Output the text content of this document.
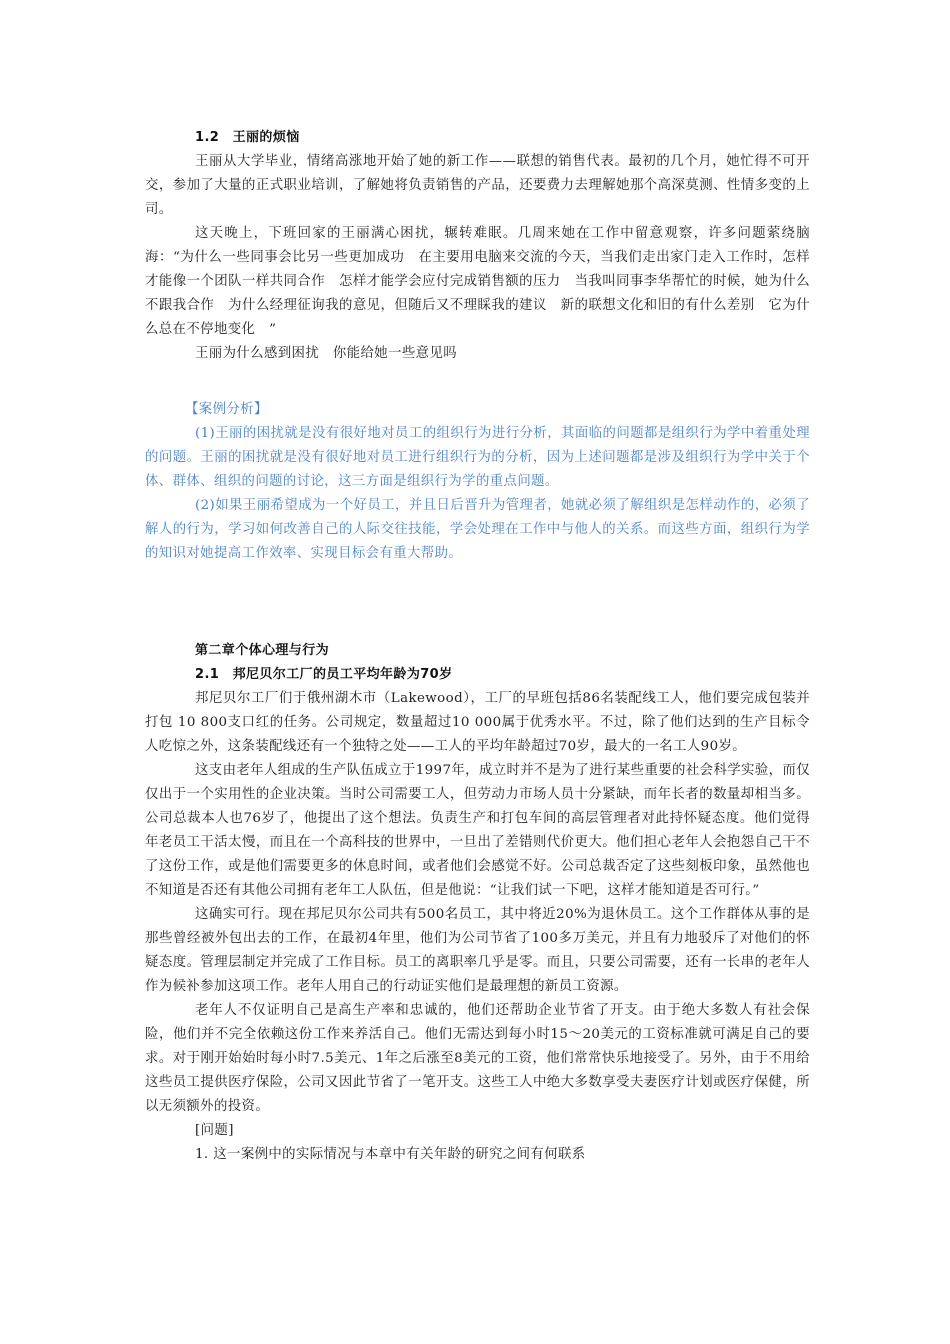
1.2　王丽的烦恼

王丽从大学毕业，情绪高涨地开始了她的新工作——联想的销售代表。最初的几个月，她忙得不可开交，参加了大量的正式职业培训，了解她将负责销售的产品，还要费力去理解她那个高深莫测、性情多变的上司。

这天晚上，下班回家的王丽满心困扰，辗转难眠。几周来她在工作中留意观察，许多问题萦绕脑海：“为什么一些同事会比另一些更加成功　在主要用电脑来交流的今天，当我们走出家门走入工作时，怎样才能像一个团队一样共同合作　怎样才能学会应付完成销售额的压力　当我叫同事李华帮忙的时候，她为什么不跟我合作　为什么经理征询我的意见，但随后又不理睬我的建议　新的联想文化和旧的有什么差别　它为什么总在不停地变化　”

王丽为什么感到困扰　你能给她一些意见吗

【案例分析】

(1)王丽的困扰就是没有很好地对员工的组织行为进行分析，其面临的问题都是组织行为学中着重处理的问题。王丽的困扰就是没有很好地对员工进行组织行为的分析，因为上述问题都是涉及组织行为学中关于个体、群体、组织的问题的讨论，这三方面是组织行为学的重点问题。

(2)如果王丽希望成为一个好员工，并且日后晋升为管理者，她就必须了解组织是怎样动作的，必须了解人的行为，学习如何改善自己的人际交往技能，学会处理在工作中与他人的关系。而这些方面，组织行为学的知识对她提高工作效率、实现目标会有重大帮助。

第二章个体心理与行为

2.1　邦尼贝尔工厂的员工平均年龄为70岁

邦尼贝尔工厂们于俄州湖木市（Lakewood），工厂的早班包括86名装配线工人，他们要完成包装并打包 10 800支口红的任务。公司规定，数量超过10 000属于优秀水平。不过，除了他们达到的生产目标令人吃惊之外，这条装配线还有一个独特之处——工人的平均年龄超过70岁，最大的一名工人90岁。

这支由老年人组成的生产队伍成立于1997年，成立时并不是为了进行某些重要的社会科学实验，而仅仅出于一个实用性的企业决策。当时公司需要工人，但劳动力市场人员十分紧缺，而年长者的数量却相当多。公司总裁本人也76岁了，他提出了这个想法。负责生产和打包车间的高层管理者对此持怀疑态度。他们觉得年老员工干活太慢，而且在一个高科技的世界中，一旦出了差错则代价更大。他们担心老年人会抱怨自己干不了这份工作，或是他们需要更多的休息时间，或者他们会感觉不好。公司总裁否定了这些刻板印象，虽然他也不知道是否还有其他公司拥有老年工人队伍，但是他说：“让我们试一下吧，这样才能知道是否可行。”

这确实可行。现在邦尼贝尔公司共有500名员工，其中将近20%为退休员工。这个工作群体从事的是那些曾经被外包出去的工作，在最初4年里，他们为公司节省了100多万美元，并且有力地驳斥了对他们的怀疑态度。管理层制定并完成了工作目标。员工的离职率几乎是零。而且，只要公司需要，还有一长串的老年人作为候补参加这项工作。老年人用自己的行动证实他们是最理想的新员工资源。

老年人不仅证明自己是高生产率和忠诚的，他们还帮助企业节省了开支。由于绝大多数人有社会保险，他们并不完全依赖这份工作来养活自己。他们无需达到每小时15～20美元的工资标准就可满足自己的要求。对于刚开始始时每小时7.5美元、1年之后涨至8美元的工资，他们常常快乐地接受了。另外，由于不用给这些员工提供医疗保险，公司又因此节省了一笔开支。这些工人中绝大多数享受夫妻医疗计划或医疗保健，所以无须额外的投资。

[问题]

1. 这一案例中的实际情况与本章中有关年龄的研究之间有何联系
